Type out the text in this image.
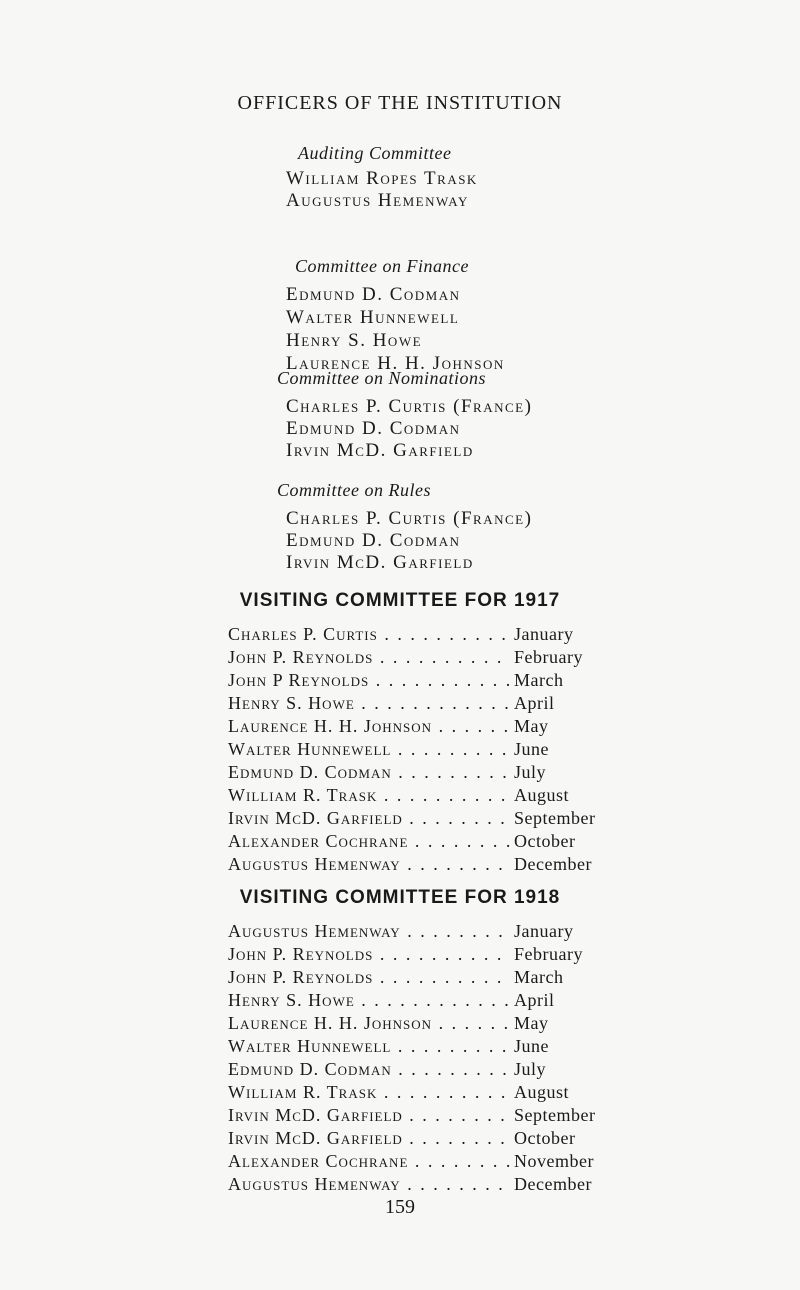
OFFICERS OF THE INSTITUTION
Auditing Committee
William Ropes Trask
Augustus Hemenway
Committee on Finance
Edmund D. Codman
Walter Hunnewell
Henry S. Howe
Laurence H. H. Johnson
Committee on Nominations
Charles P. Curtis (France)
Edmund D. Codman
Irvin McD. Garfield
Committee on Rules
Charles P. Curtis (France)
Edmund D. Codman
Irvin McD. Garfield
VISITING COMMITTEE FOR 1917
Charles P. Curtis . . .	January
John P. Reynolds . . .	February
John P Reynolds . . .	March
Henry S. Howe . . .	April
Laurence H. H. Johnson . . .	May
Walter Hunnewell . . .	June
Edmund D. Codman . . .	July
William R. Trask . . .	August
Irvin McD. Garfield . . .	September
Alexander Cochrane . . .	October
Augustus Hemenway . . .	December
VISITING COMMITTEE FOR 1918
Augustus Hemenway . . .	January
John P. Reynolds . . .	February
John P. Reynolds . . .	March
Henry S. Howe . . .	April
Laurence H. H. Johnson . . .	May
Walter Hunnewell . . .	June
Edmund D. Codman . . .	July
William R. Trask . . .	August
Irvin McD. Garfield . . .	September
Irvin McD. Garfield . . .	October
Alexander Cochrane . . .	November
Augustus Hemenway . . .	December
159
